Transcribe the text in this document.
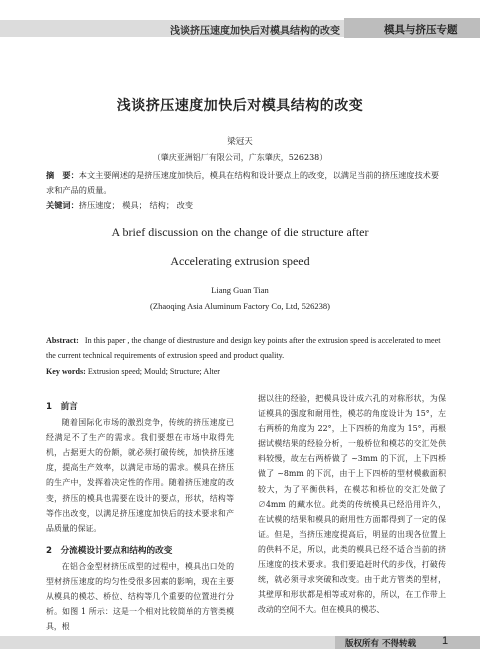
浅谈挤压速度加快后对模具结构的改变	模具与挤压专题
浅谈挤压速度加快后对模具结构的改变
梁冠天
（肇庆亚洲铝厂有限公司，广东肇庆，526238）
摘　要：本文主要阐述的是挤压速度加快后，模具在结构和设计要点上的改变，以满足当前的挤压速度技术要求和产品的质量。
关键词：挤压速度； 模具； 结构； 改变
A brief discussion on the change of die structure after
Accelerating extrusion speed
Liang Guan Tian
(Zhaoqing Asia Aluminum Factory Co, Ltd, 526238)
Abstract: In this paper , the change of diestrusture and design key points after the extrusion speed is accelerated to meet the current technical requirements of extrusion speed and product quality.
Key words: Extrusion speed; Mould; Structure; Alter

1　前言

随着国际化市场的激烈竞争，传统的挤压速度已经满足不了生产的需求。我们要想在市场中取得先机，占据更大的份额，就必须打破传统，加快挤压速度，提高生产效率，以满足市场的需求。模具在挤压的生产中，发挥着决定性的作用。随着挤压速度的改变，挤压的模具也需要在设计的要点，形状，结构等等作出改变，以满足挤压速度加快后的技术要求和产品质量的保证。

2　分流模设计要点和结构的改变

在铝合金型材挤压成型的过程中，模具出口处的型材挤压速度的均匀性受很多因素的影响，现在主要从模具的模芯、桥位、结构等几个重要的位置进行分析。如图 1 所示：这是一个相对比较简单的方管类模具，根

据以往的经验，把模具设计成六孔的对称形状，为保证模具的强度和耐用性，模芯的角度设计为 15°，左右两桥的角度为 22°，上下四桥的角度为 15°，再根据试模结果的经验分析，一般桥位和模芯的交汇处供料较慢，故左右两桥做了 ~3mm 的下沉，上下四桥做了 ~8mm 的下沉，由于上下四桥的型材模截面积较大，为了平衡供料，在模芯和桥位的交汇处做了 ∅4mm 的藏水位。此类的传统模具已经沿用许久，在试模的结果和模具的耐用性方面都得到了一定的保证。但是，当挤压速度提高后，明显的出现各位置上的供料不足，所以，此类的模具已经不适合当前的挤压速度的技术要求。我们要追赶时代的步伐，打破传统，就必须寻求突破和改变。由于此方管类的型材，其壁厚和形状都是相等或对称的，所以，在工作带上改动的空间不大。但在模具的模芯、

版权所有 不得转载 1
